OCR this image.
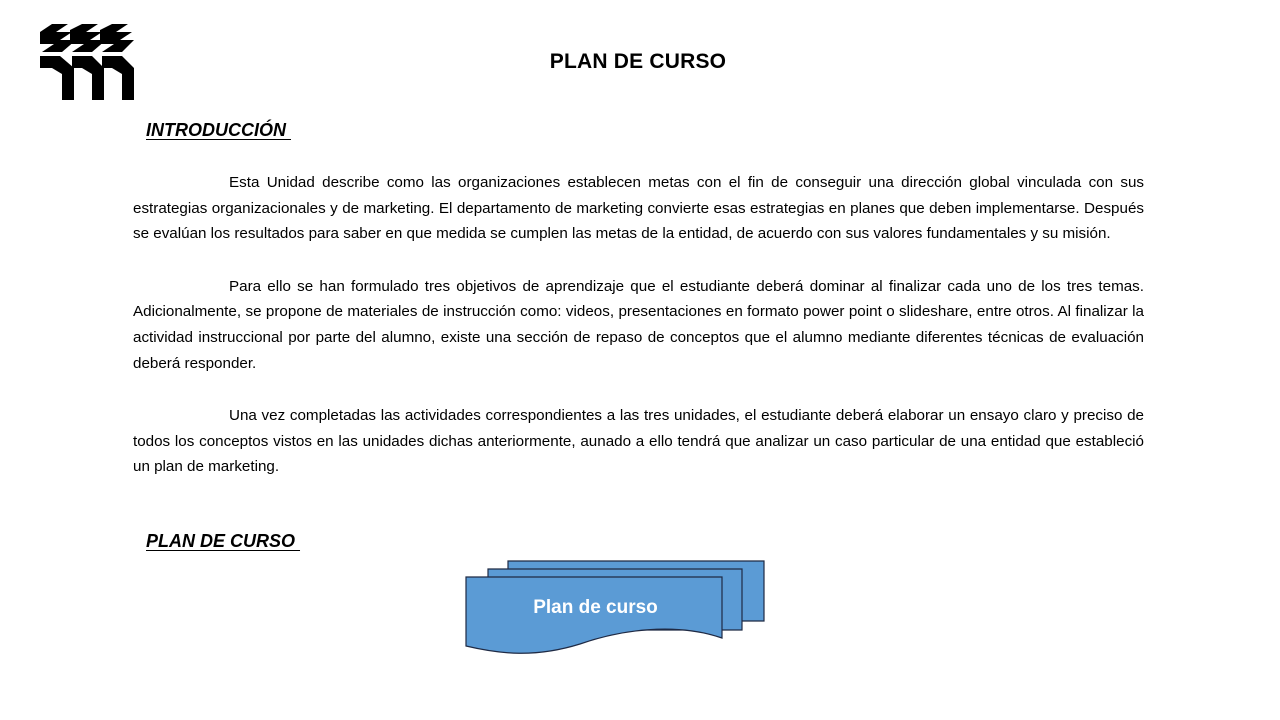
PLAN DE CURSO
INTRODUCCIÓN

Esta Unidad describe como las organizaciones establecen metas con el fin de conseguir una dirección global vinculada con sus estrategias organizacionales y de marketing. El departamento de marketing convierte esas estrategias en planes que deben implementarse. Después se evalúan los resultados para saber en que medida se cumplen las metas de la entidad, de acuerdo con sus valores fundamentales y su misión.

Para ello se han formulado tres objetivos de aprendizaje que el estudiante deberá dominar al finalizar cada uno de los tres temas. Adicionalmente, se propone de materiales de instrucción como: videos, presentaciones en formato power point o slideshare, entre otros. Al finalizar la actividad instruccional por parte del alumno, existe una sección de repaso de conceptos que el alumno mediante diferentes técnicas de evaluación deberá responder.

Una vez completadas las actividades correspondientes a las tres unidades, el estudiante deberá elaborar un ensayo claro y preciso de todos los conceptos vistos en las unidades dichas anteriormente, aunado a ello tendrá que analizar un caso particular de una entidad que estableció un plan de marketing.

PLAN DE CURSO
Plan de curso
